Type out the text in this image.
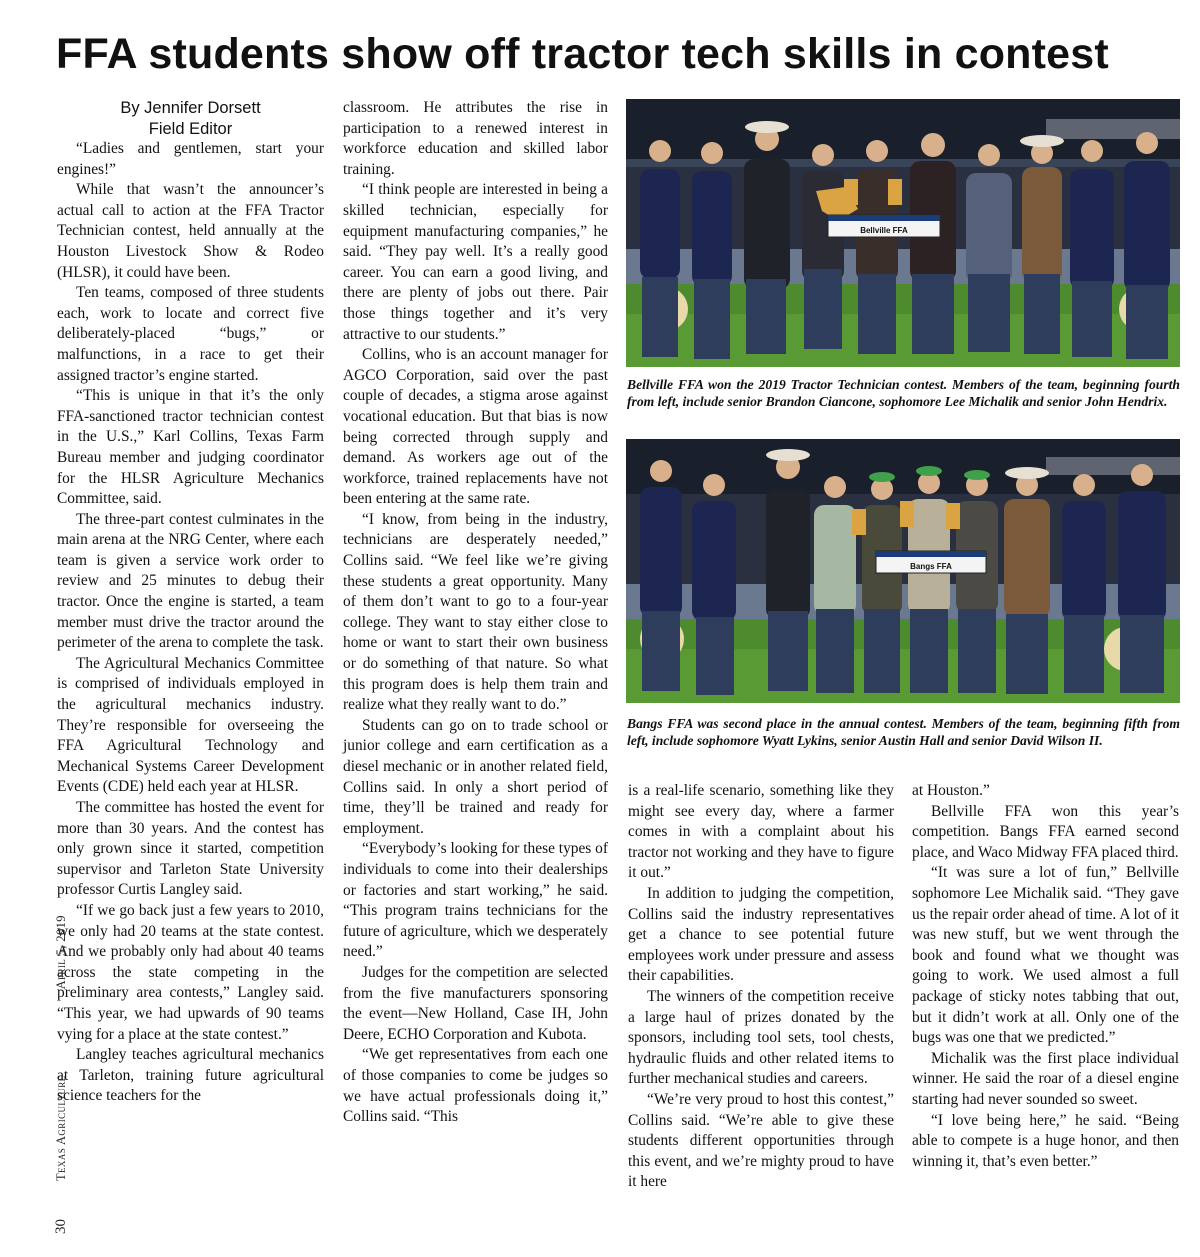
FFA students show off tractor tech skills in contest
By Jennifer Dorsett
Field Editor

“Ladies and gentlemen, start your engines!”

While that wasn’t the announcer’s actual call to action at the FFA Tractor Technician contest, held annually at the Houston Livestock Show & Rodeo (HLSR), it could have been.

Ten teams, composed of three students each, work to locate and correct five deliberately-placed “bugs,” or malfunctions, in a race to get their assigned tractor’s engine started.

“This is unique in that it’s the only FFA-sanctioned tractor technician contest in the U.S.,” Karl Collins, Texas Farm Bureau member and judging coordinator for the HLSR Agriculture Mechanics Committee, said.

The three-part contest culminates in the main arena at the NRG Center, where each team is given a service work order to review and 25 minutes to debug their tractor. Once the engine is started, a team member must drive the tractor around the perimeter of the arena to complete the task.

The Agricultural Mechanics Committee is comprised of individuals employed in the agricultural mechanics industry. They’re responsible for overseeing the FFA Agricultural Technology and Mechanical Systems Career Development Events (CDE) held each year at HLSR.

The committee has hosted the event for more than 30 years. And the contest has only grown since it started, competition supervisor and Tarleton State University professor Curtis Langley said.

“If we go back just a few years to 2010, we only had 20 teams at the state contest. And we probably only had about 40 teams across the state competing in the preliminary area contests,” Langley said. “This year, we had upwards of 90 teams vying for a place at the state contest.”

Langley teaches agricultural mechanics at Tarleton, training future agricultural science teachers for the

classroom. He attributes the rise in participation to a renewed interest in workforce education and skilled labor training.

“I think people are interested in being a skilled technician, especially for equipment manufacturing companies,” he said. “They pay well. It’s a really good career. You can earn a good living, and there are plenty of jobs out there. Pair those things together and it’s very attractive to our students.”

Collins, who is an account manager for AGCO Corporation, said over the past couple of decades, a stigma arose against vocational education. But that bias is now being corrected through supply and demand. As workers age out of the workforce, trained replacements have not been entering at the same rate.

“I know, from being in the industry, technicians are desperately needed,” Collins said. “We feel like we’re giving these students a great opportunity. Many of them don’t want to go to a four-year college. They want to stay either close to home or want to start their own business or do something of that nature. So what this program does is help them train and realize what they really want to do.”

Students can go on to trade school or junior college and earn certification as a diesel mechanic or in another related field, Collins said. In only a short period of time, they’ll be trained and ready for employment.

“Everybody’s looking for these types of individuals to come into their dealerships or factories and start working,” he said. “This program trains technicians for the future of agriculture, which we desperately need.”

Judges for the competition are selected from the five manufacturers sponsoring the event—New Holland, Case IH, John Deere, ECHO Corporation and Kubota.

“We get representatives from each one of those companies to come be judges so we have actual professionals doing it,” Collins said. “This

Bellville FFA
Bellville FFA won the 2019 Tractor Technician contest. Members of the team, beginning fourth from left, include senior Brandon Ciancone, sophomore Lee Michalik and senior John Hendrix.
Bangs FFA
Bangs FFA was second place in the annual contest. Members of the team, beginning fifth from left, include sophomore Wyatt Lykins, senior Austin Hall and senior David Wilson II.

is a real-life scenario, something like they might see every day, where a farmer comes in with a complaint about his tractor not working and they have to figure it out.”

In addition to judging the competition, Collins said the industry representatives get a chance to see potential future employees work under pressure and assess their capabilities.

The winners of the competition receive a large haul of prizes donated by the sponsors, including tool sets, tool chests, hydraulic fluids and other related items to further mechanical studies and careers.

“We’re very proud to host this contest,” Collins said. “We’re able to give these students different opportunities through this event, and we’re mighty proud to have it here

at Houston.”

Bellville FFA won this year’s competition. Bangs FFA earned second place, and Waco Midway FFA placed third.

“It was sure a lot of fun,” Bellville sophomore Lee Michalik said. “They gave us the repair order ahead of time. A lot of it was new stuff, but we went through the book and found what we thought was going to work. We used almost a full package of sticky notes tabbing that out, but it didn’t work at all. Only one of the bugs was one that we predicted.”

Michalik was the first place individual winner. He said the roar of a diesel engine starting had never sounded so sweet.

“I love being here,” he said. “Being able to compete is a huge honor, and then winning it, that’s even better.”

30Texas AgricultureApril 5, 2019
